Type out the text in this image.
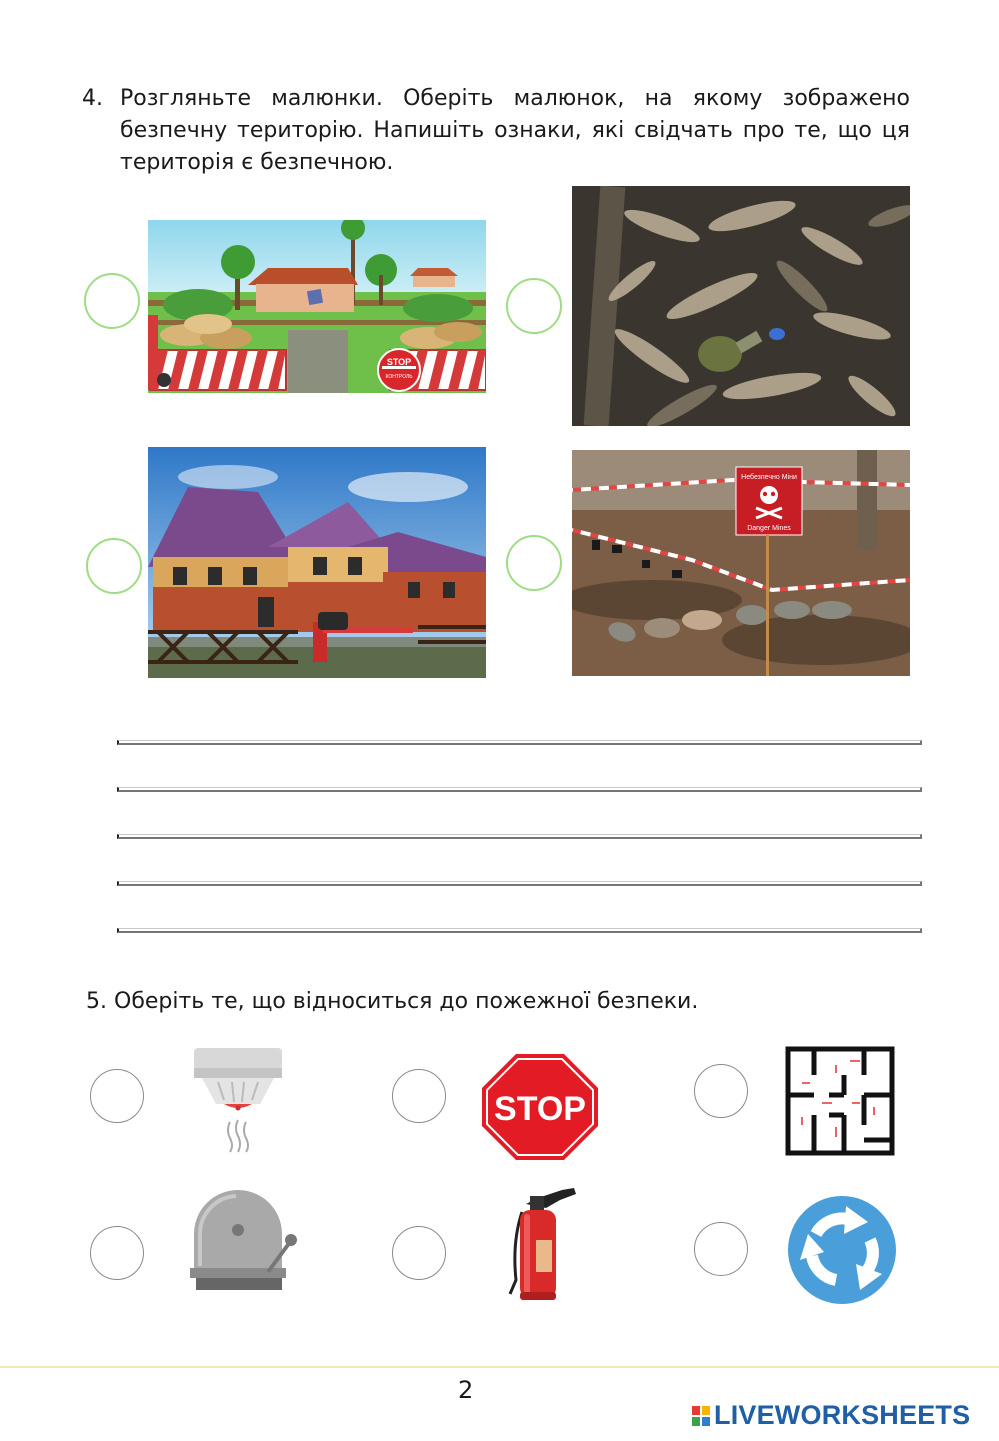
4. Розгляньте малюнки. Оберіть малюнок, на якому зображено безпечну територію. Напишіть ознаки, які свідчать про те, що ця територія є безпечною.
STOP
КОНТРОЛЬ
Небезпечно Міни
Danger Mines
5. Оберіть те, що відноситься до пожежної безпеки.
STOP
2
LIVEWORKSHEETS
